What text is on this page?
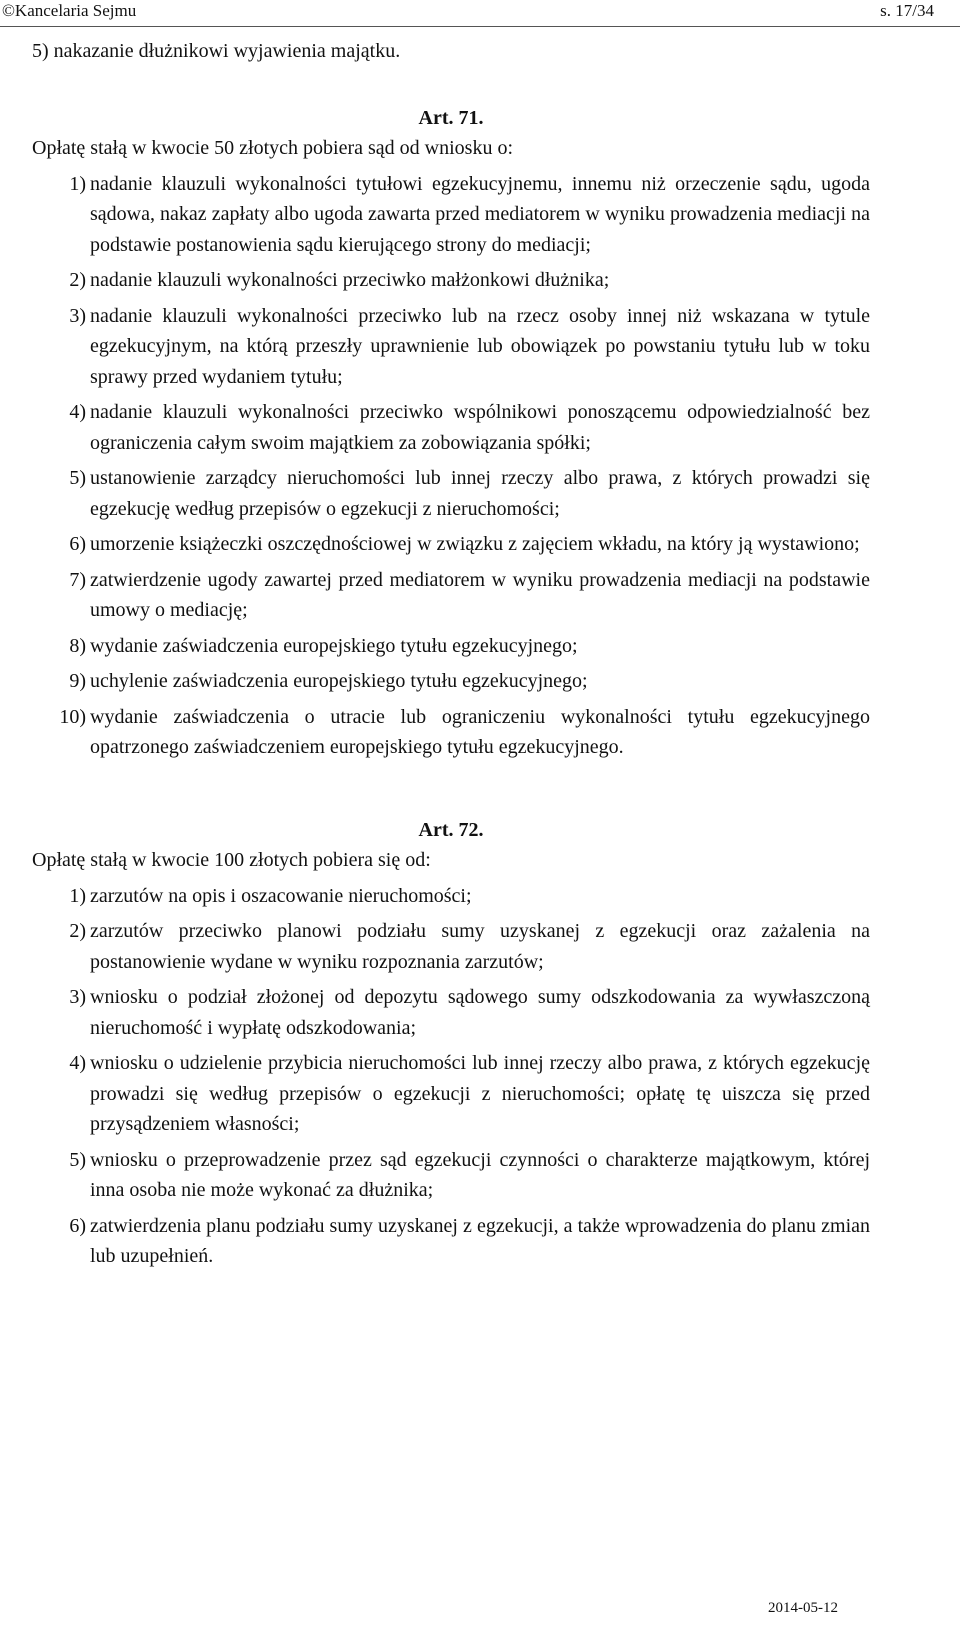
©Kancelaria Sejmu	s. 17/34

5) nakazanie dłużnikowi wyjawienia majątku.

Art. 71.

Opłatę stałą w kwocie 50 złotych pobiera sąd od wniosku o:

1) nadanie klauzuli wykonalności tytułowi egzekucyjnemu, innemu niż orzeczenie sądu, ugoda sądowa, nakaz zapłaty albo ugoda zawarta przed mediatorem w wyniku prowadzenia mediacji na podstawie postanowienia sądu kierującego strony do mediacji;
2) nadanie klauzuli wykonalności przeciwko małżonkowi dłużnika;
3) nadanie klauzuli wykonalności przeciwko lub na rzecz osoby innej niż wskazana w tytule egzekucyjnym, na którą przeszły uprawnienie lub obowiązek po powstaniu tytułu lub w toku sprawy przed wydaniem tytułu;
4) nadanie klauzuli wykonalności przeciwko wspólnikowi ponoszącemu odpowiedzialność bez ograniczenia całym swoim majątkiem za zobowiązania spółki;
5) ustanowienie zarządcy nieruchomości lub innej rzeczy albo prawa, z których prowadzi się egzekucję według przepisów o egzekucji z nieruchomości;
6) umorzenie książeczki oszczędnościowej w związku z zajęciem wkładu, na który ją wystawiono;
7) zatwierdzenie ugody zawartej przed mediatorem w wyniku prowadzenia mediacji na podstawie umowy o mediację;
8) wydanie zaświadczenia europejskiego tytułu egzekucyjnego;
9) uchylenie zaświadczenia europejskiego tytułu egzekucyjnego;
10) wydanie zaświadczenia o utracie lub ograniczeniu wykonalności tytułu egzekucyjnego opatrzonego zaświadczeniem europejskiego tytułu egzekucyjnego.

Art. 72.

Opłatę stałą w kwocie 100 złotych pobiera się od:

1) zarzutów na opis i oszacowanie nieruchomości;
2) zarzutów przeciwko planowi podziału sumy uzyskanej z egzekucji oraz zażalenia na postanowienie wydane w wyniku rozpoznania zarzutów;
3) wniosku o podział złożonej od depozytu sądowego sumy odszkodowania za wywłaszczoną nieruchomość i wypłatę odszkodowania;
4) wniosku o udzielenie przybicia nieruchomości lub innej rzeczy albo prawa, z których egzekucję prowadzi się według przepisów o egzekucji z nieruchomości; opłatę tę uiszcza się przed przysądzeniem własności;
5) wniosku o przeprowadzenie przez sąd egzekucji czynności o charakterze majątkowym, której inna osoba nie może wykonać za dłużnika;
6) zatwierdzenia planu podziału sumy uzyskanej z egzekucji, a także wprowadzenia do planu zmian lub uzupełnień.
2014-05-12
